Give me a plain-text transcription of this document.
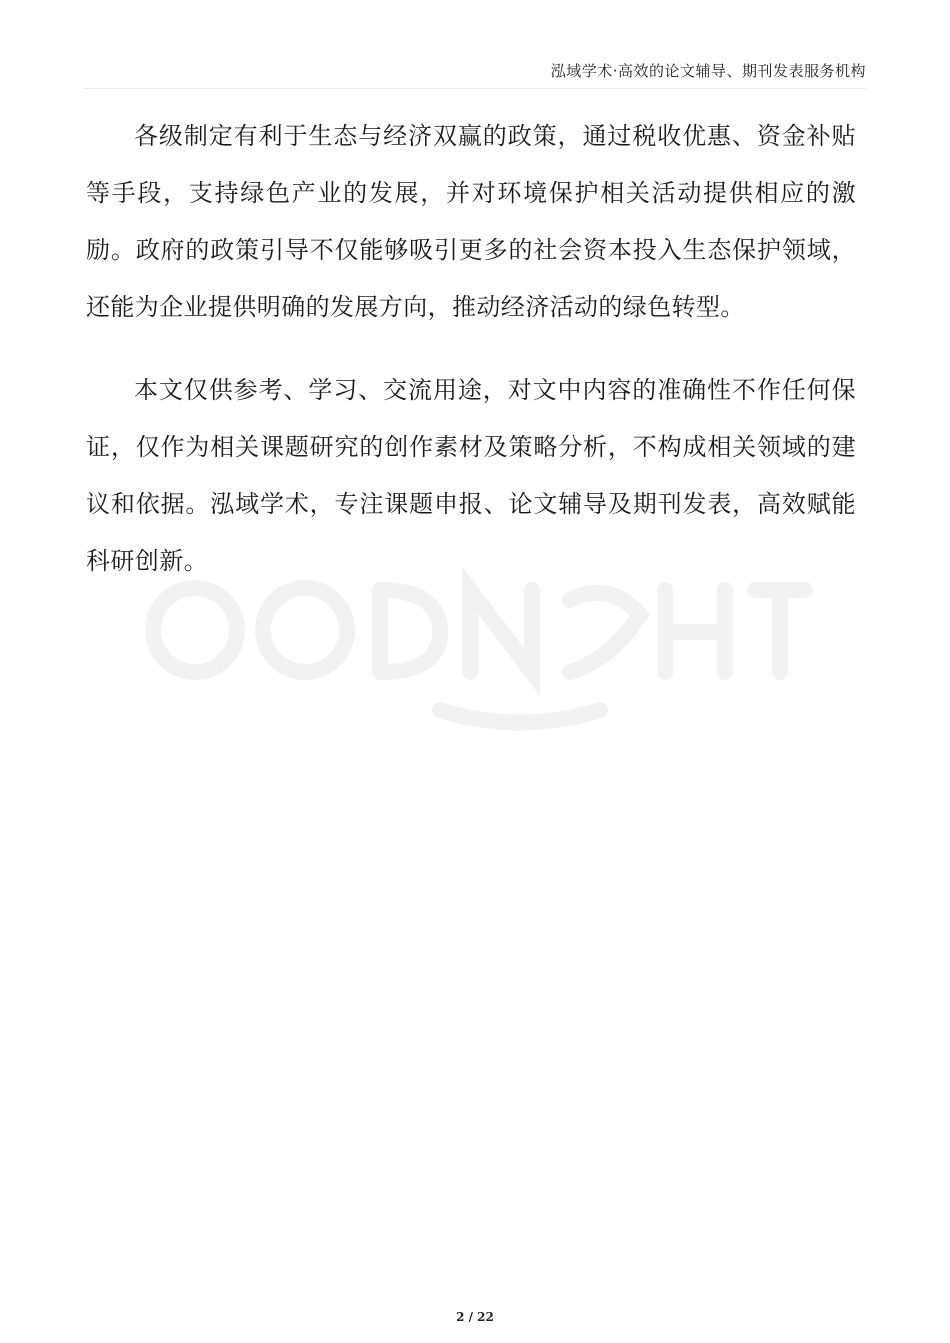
泓域学术·高效的论文辅导、期刊发表服务机构

各级制定有利于生态与经济双赢的政策，通过税收优惠、资金补贴等手段，支持绿色产业的发展，并对环境保护相关活动提供相应的激励。政府的政策引导不仅能够吸引更多的社会资本投入生态保护领域，还能为企业提供明确的发展方向，推动经济活动的绿色转型。

本文仅供参考、学习、交流用途，对文中内容的准确性不作任何保证，仅作为相关课题研究的创作素材及策略分析，不构成相关领域的建议和依据。泓域学术，专注课题申报、论文辅导及期刊发表，高效赋能科研创新。

2 / 22
